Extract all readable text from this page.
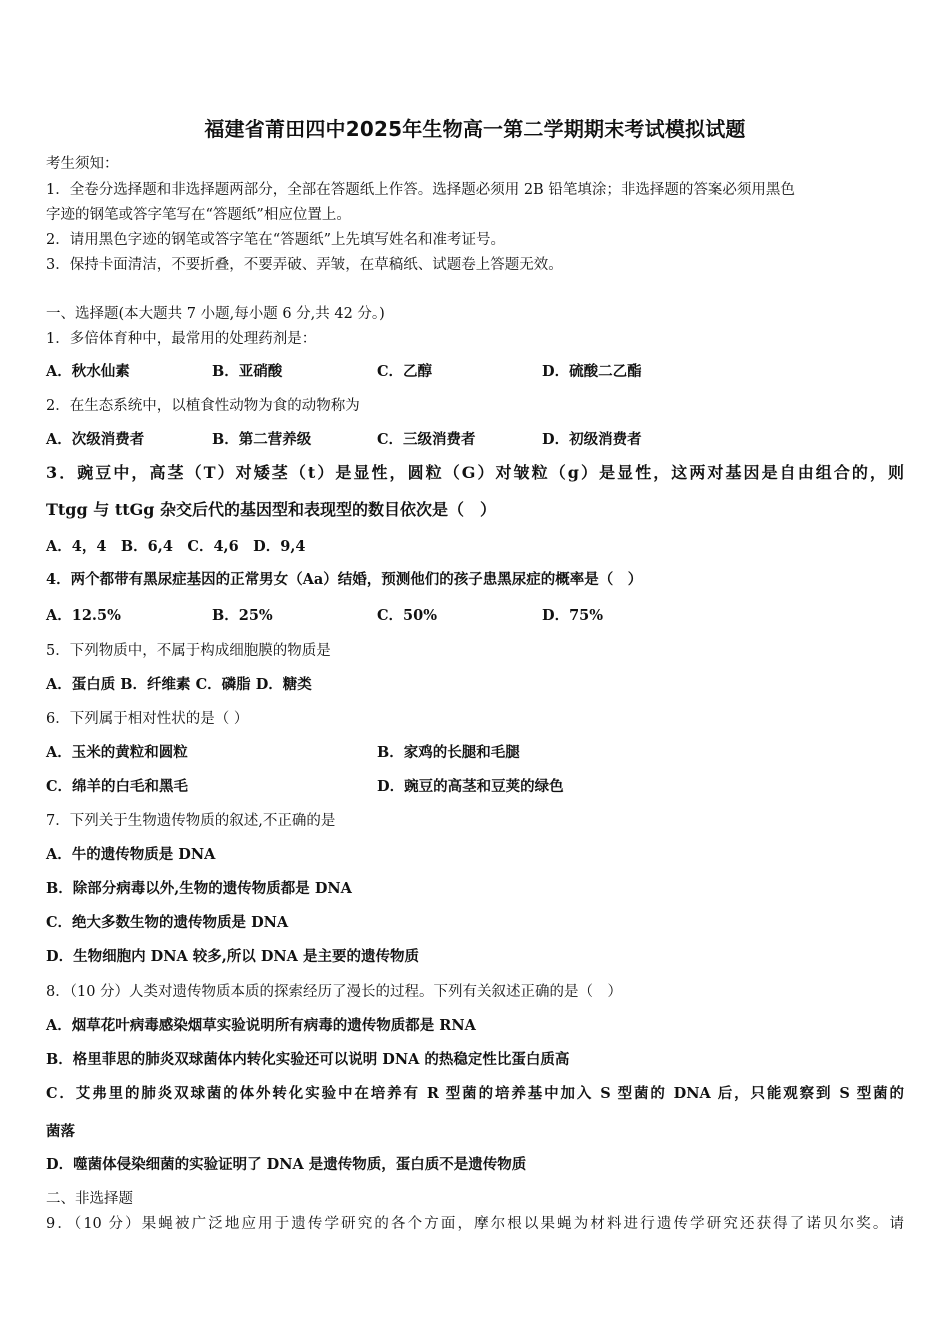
福建省莆田四中2025年生物高一第二学期期末考试模拟试题
考生须知：
1．全卷分选择题和非选择题两部分，全部在答题纸上作答。选择题必须用 2B 铅笔填涂；非选择题的答案必须用黑色
字迹的钢笔或答字笔写在“答题纸”相应位置上。
2．请用黑色字迹的钢笔或答字笔在“答题纸”上先填写姓名和准考证号。
3．保持卡面清洁，不要折叠，不要弄破、弄皱，在草稿纸、试题卷上答题无效。
一、选择题(本大题共 7 小题,每小题 6 分,共 42 分。)
1．多倍体育种中，最常用的处理药剂是：
A．秋水仙素	B．亚硝酸	C．乙醇	D．硫酸二乙酯
2．在生态系统中，以植食性动物为食的动物称为
A．次级消费者	B．第二营养级	C．三级消费者	D．初级消费者
3．豌豆中，高茎（T）对矮茎（t）是显性，圆粒（G）对皱粒（g）是显性，这两对基因是自由组合的，则
Ttgg 与 ttGg 杂交后代的基因型和表现型的数目依次是（　）
A．4，4　B．6,4　C．4,6　D．9,4
4．两个都带有黑尿症基因的正常男女（Aa）结婚，预测他们的孩子患黑尿症的概率是（　）
A．12.5%	B．25%	C．50%	D．75%
5．下列物质中，不属于构成细胞膜的物质是
A．蛋白质 B．纤维素 C．磷脂 D．糖类
6．下列属于相对性状的是（ ）
A．玉米的黄粒和圆粒	B．家鸡的长腿和毛腿
C．绵羊的白毛和黑毛	D．豌豆的高茎和豆荚的绿色
7．下列关于生物遗传物质的叙述,不正确的是
A．牛的遗传物质是 DNA
B．除部分病毒以外,生物的遗传物质都是 DNA
C．绝大多数生物的遗传物质是 DNA
D．生物细胞内 DNA 较多,所以 DNA 是主要的遗传物质
8．（10 分）人类对遗传物质本质的探索经历了漫长的过程。下列有关叙述正确的是（　）
A．烟草花叶病毒感染烟草实验说明所有病毒的遗传物质都是 RNA
B．格里菲思的肺炎双球菌体内转化实验还可以说明 DNA 的热稳定性比蛋白质高
C．艾弗里的肺炎双球菌的体外转化实验中在培养有 R 型菌的培养基中加入 S 型菌的 DNA 后，只能观察到 S 型菌的
菌落
D．噬菌体侵染细菌的实验证明了 DNA 是遗传物质，蛋白质不是遗传物质
二、非选择题
9．（10 分）果蝇被广泛地应用于遗传学研究的各个方面，摩尔根以果蝇为材料进行遗传学研究还获得了诺贝尔奖。请
